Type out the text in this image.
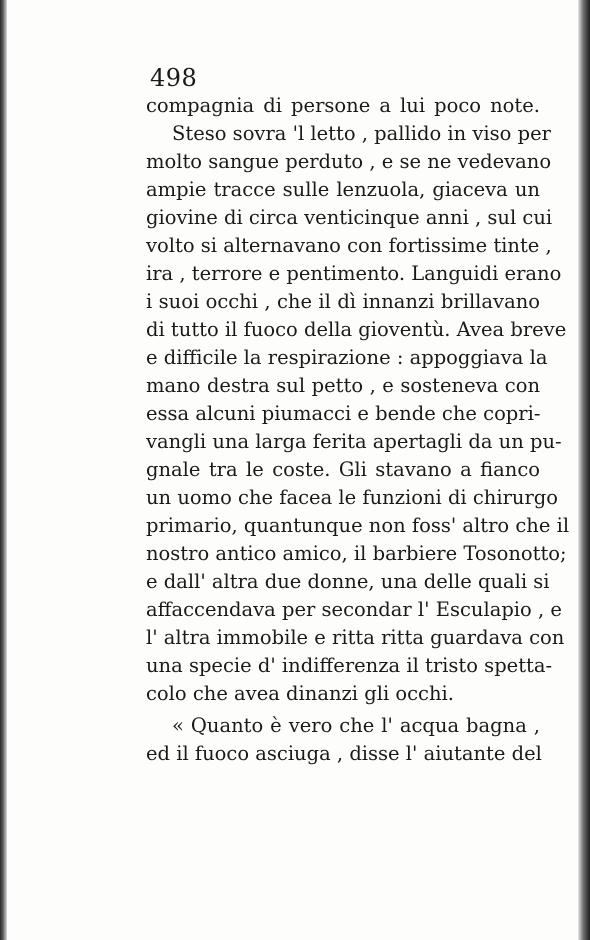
498
compagnia di persone a lui poco note.
Steso sovra 'l letto , pallido in viso per
molto sangue perduto , e se ne vedevano
ampie tracce sulle lenzuola, giaceva un
giovine di circa venticinque anni , sul cui
volto si alternavano con fortissime tinte ,
ira , terrore e pentimento. Languidi erano
i suoi occhi , che il dì innanzi brillavano
di tutto il fuoco della gioventù. Avea breve
e difficile la respirazione : appoggiava la
mano destra sul petto , e sosteneva con
essa alcuni piumacci e bende che copri-
vangli una larga ferita apertagli da un pu-
gnale tra le coste. Gli stavano a fianco
un uomo che facea le funzioni di chirurgo
primario, quantunque non foss' altro che il
nostro antico amico, il barbiere Tosonotto;
e dall' altra due donne, una delle quali si
affaccendava per secondar l' Esculapio , e
l' altra immobile e ritta ritta guardava con
una specie d' indifferenza il tristo spetta-
colo che avea dinanzi gli occhi.
« Quanto è vero che l' acqua bagna ,
ed il fuoco asciuga , disse l' aiutante del
